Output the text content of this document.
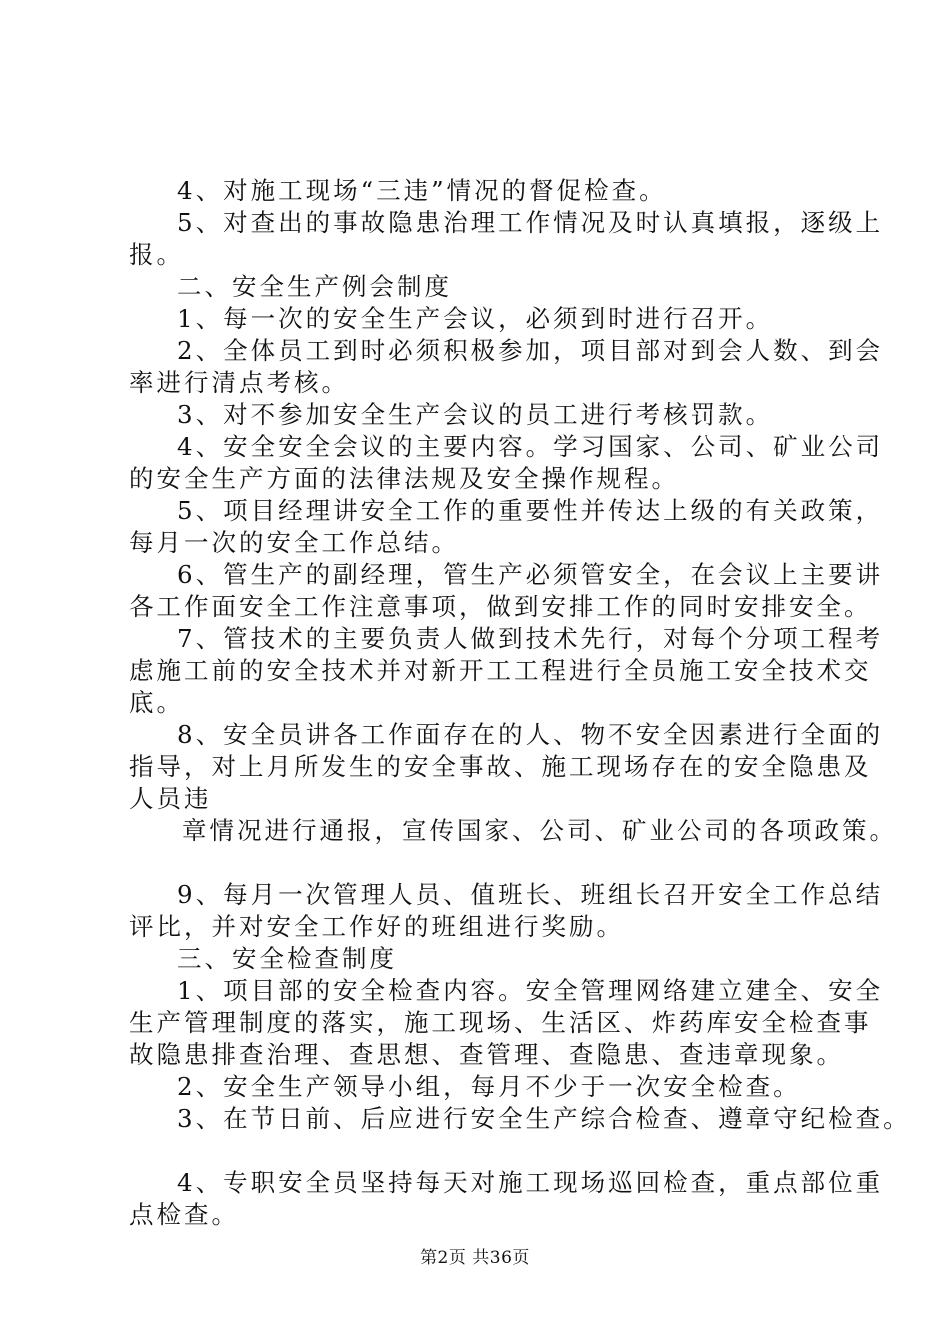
4、对施工现场“三违”情况的督促检查。

5、对查出的事故隐患治理工作情况及时认真填报，逐级上

报。

二、安全生产例会制度

1、每一次的安全生产会议，必须到时进行召开。

2、全体员工到时必须积极参加，项目部对到会人数、到会

率进行清点考核。

3、对不参加安全生产会议的员工进行考核罚款。

4、安全安全会议的主要内容。学习国家、公司、矿业公司

的安全生产方面的法律法规及安全操作规程。

5、项目经理讲安全工作的重要性并传达上级的有关政策，

每月一次的安全工作总结。

6、管生产的副经理，管生产必须管安全，在会议上主要讲

各工作面安全工作注意事项，做到安排工作的同时安排安全。

7、管技术的主要负责人做到技术先行，对每个分项工程考

虑施工前的安全技术并对新开工工程进行全员施工安全技术交

底。

8、安全员讲各工作面存在的人、物不安全因素进行全面的

指导，对上月所发生的安全事故、施工现场存在的安全隐患及

人员违

章情况进行通报，宣传国家、公司、矿业公司的各项政策。

9、每月一次管理人员、值班长、班组长召开安全工作总结

评比，并对安全工作好的班组进行奖励。

三、安全检查制度

1、项目部的安全检查内容。安全管理网络建立建全、安全

生产管理制度的落实，施工现场、生活区、炸药库安全检查事

故隐患排查治理、查思想、查管理、查隐患、查违章现象。

2、安全生产领导小组，每月不少于一次安全检查。

3、在节日前、后应进行安全生产综合检查、遵章守纪检查。

4、专职安全员坚持每天对施工现场巡回检查，重点部位重

点检查。

第2页 共36页
